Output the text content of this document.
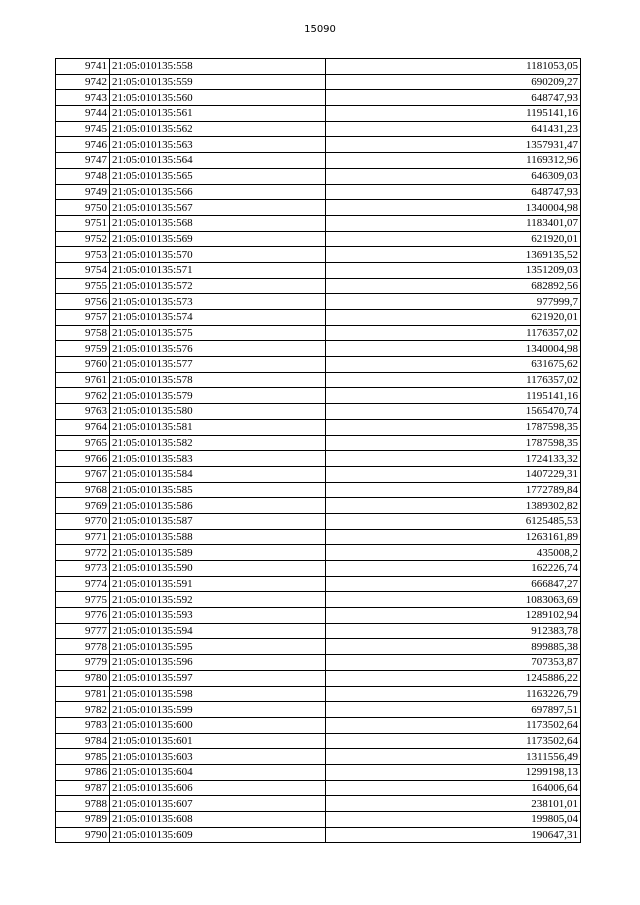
15090
9741	21:05:010135:558	1181053,05
9742	21:05:010135:559	690209,27
9743	21:05:010135:560	648747,93
9744	21:05:010135:561	1195141,16
9745	21:05:010135:562	641431,23
9746	21:05:010135:563	1357931,47
9747	21:05:010135:564	1169312,96
9748	21:05:010135:565	646309,03
9749	21:05:010135:566	648747,93
9750	21:05:010135:567	1340004,98
9751	21:05:010135:568	1183401,07
9752	21:05:010135:569	621920,01
9753	21:05:010135:570	1369135,52
9754	21:05:010135:571	1351209,03
9755	21:05:010135:572	682892,56
9756	21:05:010135:573	977999,7
9757	21:05:010135:574	621920,01
9758	21:05:010135:575	1176357,02
9759	21:05:010135:576	1340004,98
9760	21:05:010135:577	631675,62
9761	21:05:010135:578	1176357,02
9762	21:05:010135:579	1195141,16
9763	21:05:010135:580	1565470,74
9764	21:05:010135:581	1787598,35
9765	21:05:010135:582	1787598,35
9766	21:05:010135:583	1724133,32
9767	21:05:010135:584	1407229,31
9768	21:05:010135:585	1772789,84
9769	21:05:010135:586	1389302,82
9770	21:05:010135:587	6125485,53
9771	21:05:010135:588	1263161,89
9772	21:05:010135:589	435008,2
9773	21:05:010135:590	162226,74
9774	21:05:010135:591	666847,27
9775	21:05:010135:592	1083063,69
9776	21:05:010135:593	1289102,94
9777	21:05:010135:594	912383,78
9778	21:05:010135:595	899885,38
9779	21:05:010135:596	707353,87
9780	21:05:010135:597	1245886,22
9781	21:05:010135:598	1163226,79
9782	21:05:010135:599	697897,51
9783	21:05:010135:600	1173502,64
9784	21:05:010135:601	1173502,64
9785	21:05:010135:603	1311556,49
9786	21:05:010135:604	1299198,13
9787	21:05:010135:606	164006,64
9788	21:05:010135:607	238101,01
9789	21:05:010135:608	199805,04
9790	21:05:010135:609	190647,31
